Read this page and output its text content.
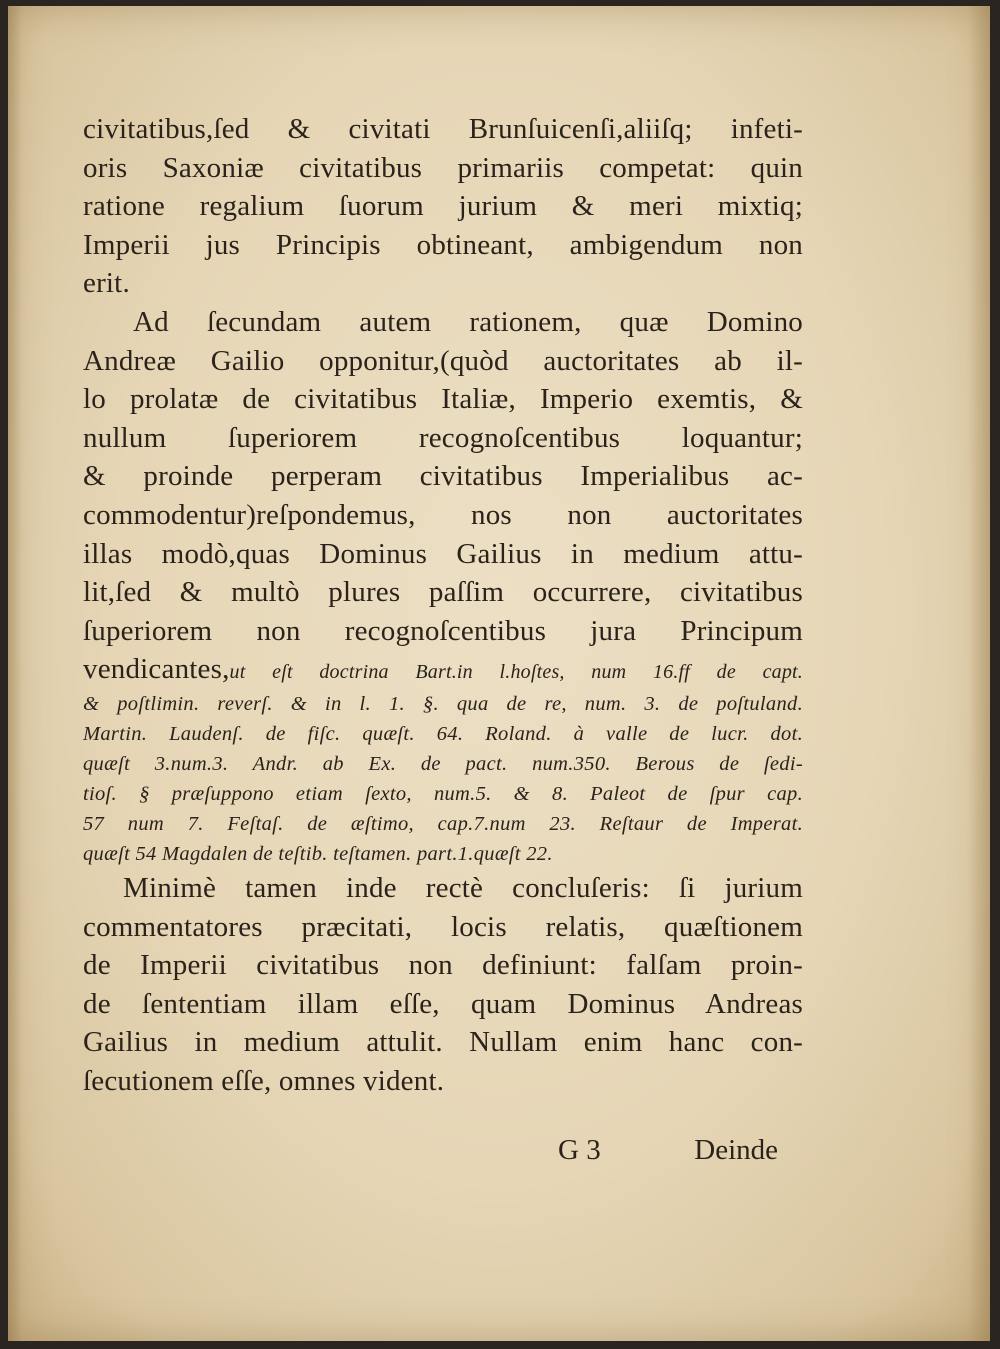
civitatibus,ſed & civitati Brunſuicenſi,aliiſq; infeti-
oris Saxoniæ civitatibus primariis competat: quin
ratione regalium ſuorum jurium & meri mixtiq;
Imperii jus Principis obtineant, ambigendum non
erit.
Ad ſecundam autem rationem, quæ Domino
Andreæ Gailio opponitur,(quòd auctoritates ab il-
lo prolatæ de civitatibus Italiæ, Imperio exemtis, &
nullum ſuperiorem recognoſcentibus loquantur;
& proinde perperam civitatibus Imperialibus ac-
commodentur)reſpondemus, nos non auctoritates
illas modò,quas Dominus Gailius in medium attu-
lit,ſed & multò plures paſſim occurrere, civitatibus
ſuperiorem non recognoſcentibus jura Principum
vendicantes,ut eſt doctrina Bart.in l.hoſtes, num 16.ff de capt.
& poſtlimin. reverſ. & in l. 1. §. qua de re, num. 3. de poſtuland.
Martin. Laudenſ. de fiſc. quæſt. 64. Roland. à valle de lucr. dot.
quæſt 3.num.3. Andr. ab Ex. de pact. num.350. Berous de ſedi-
tioſ. § præſuppono etiam ſexto, num.5. & 8. Paleot de ſpur cap.
57 num 7. Feſtaſ. de æſtimo, cap.7.num 23. Reſtaur de Imperat.
quæſt 54 Magdalen de teſtib. teſtamen. part.1.quæſt 22.
Minimè tamen inde rectè concluſeris: ſi jurium
commentatores præcitati, locis relatis, quæſtionem
de Imperii civitatibus non definiunt: falſam proin-
de ſententiam illam eſſe, quam Dominus Andreas
Gailius in medium attulit. Nullam enim hanc con-
ſecutionem eſſe, omnes vident.
G 3	Deinde
